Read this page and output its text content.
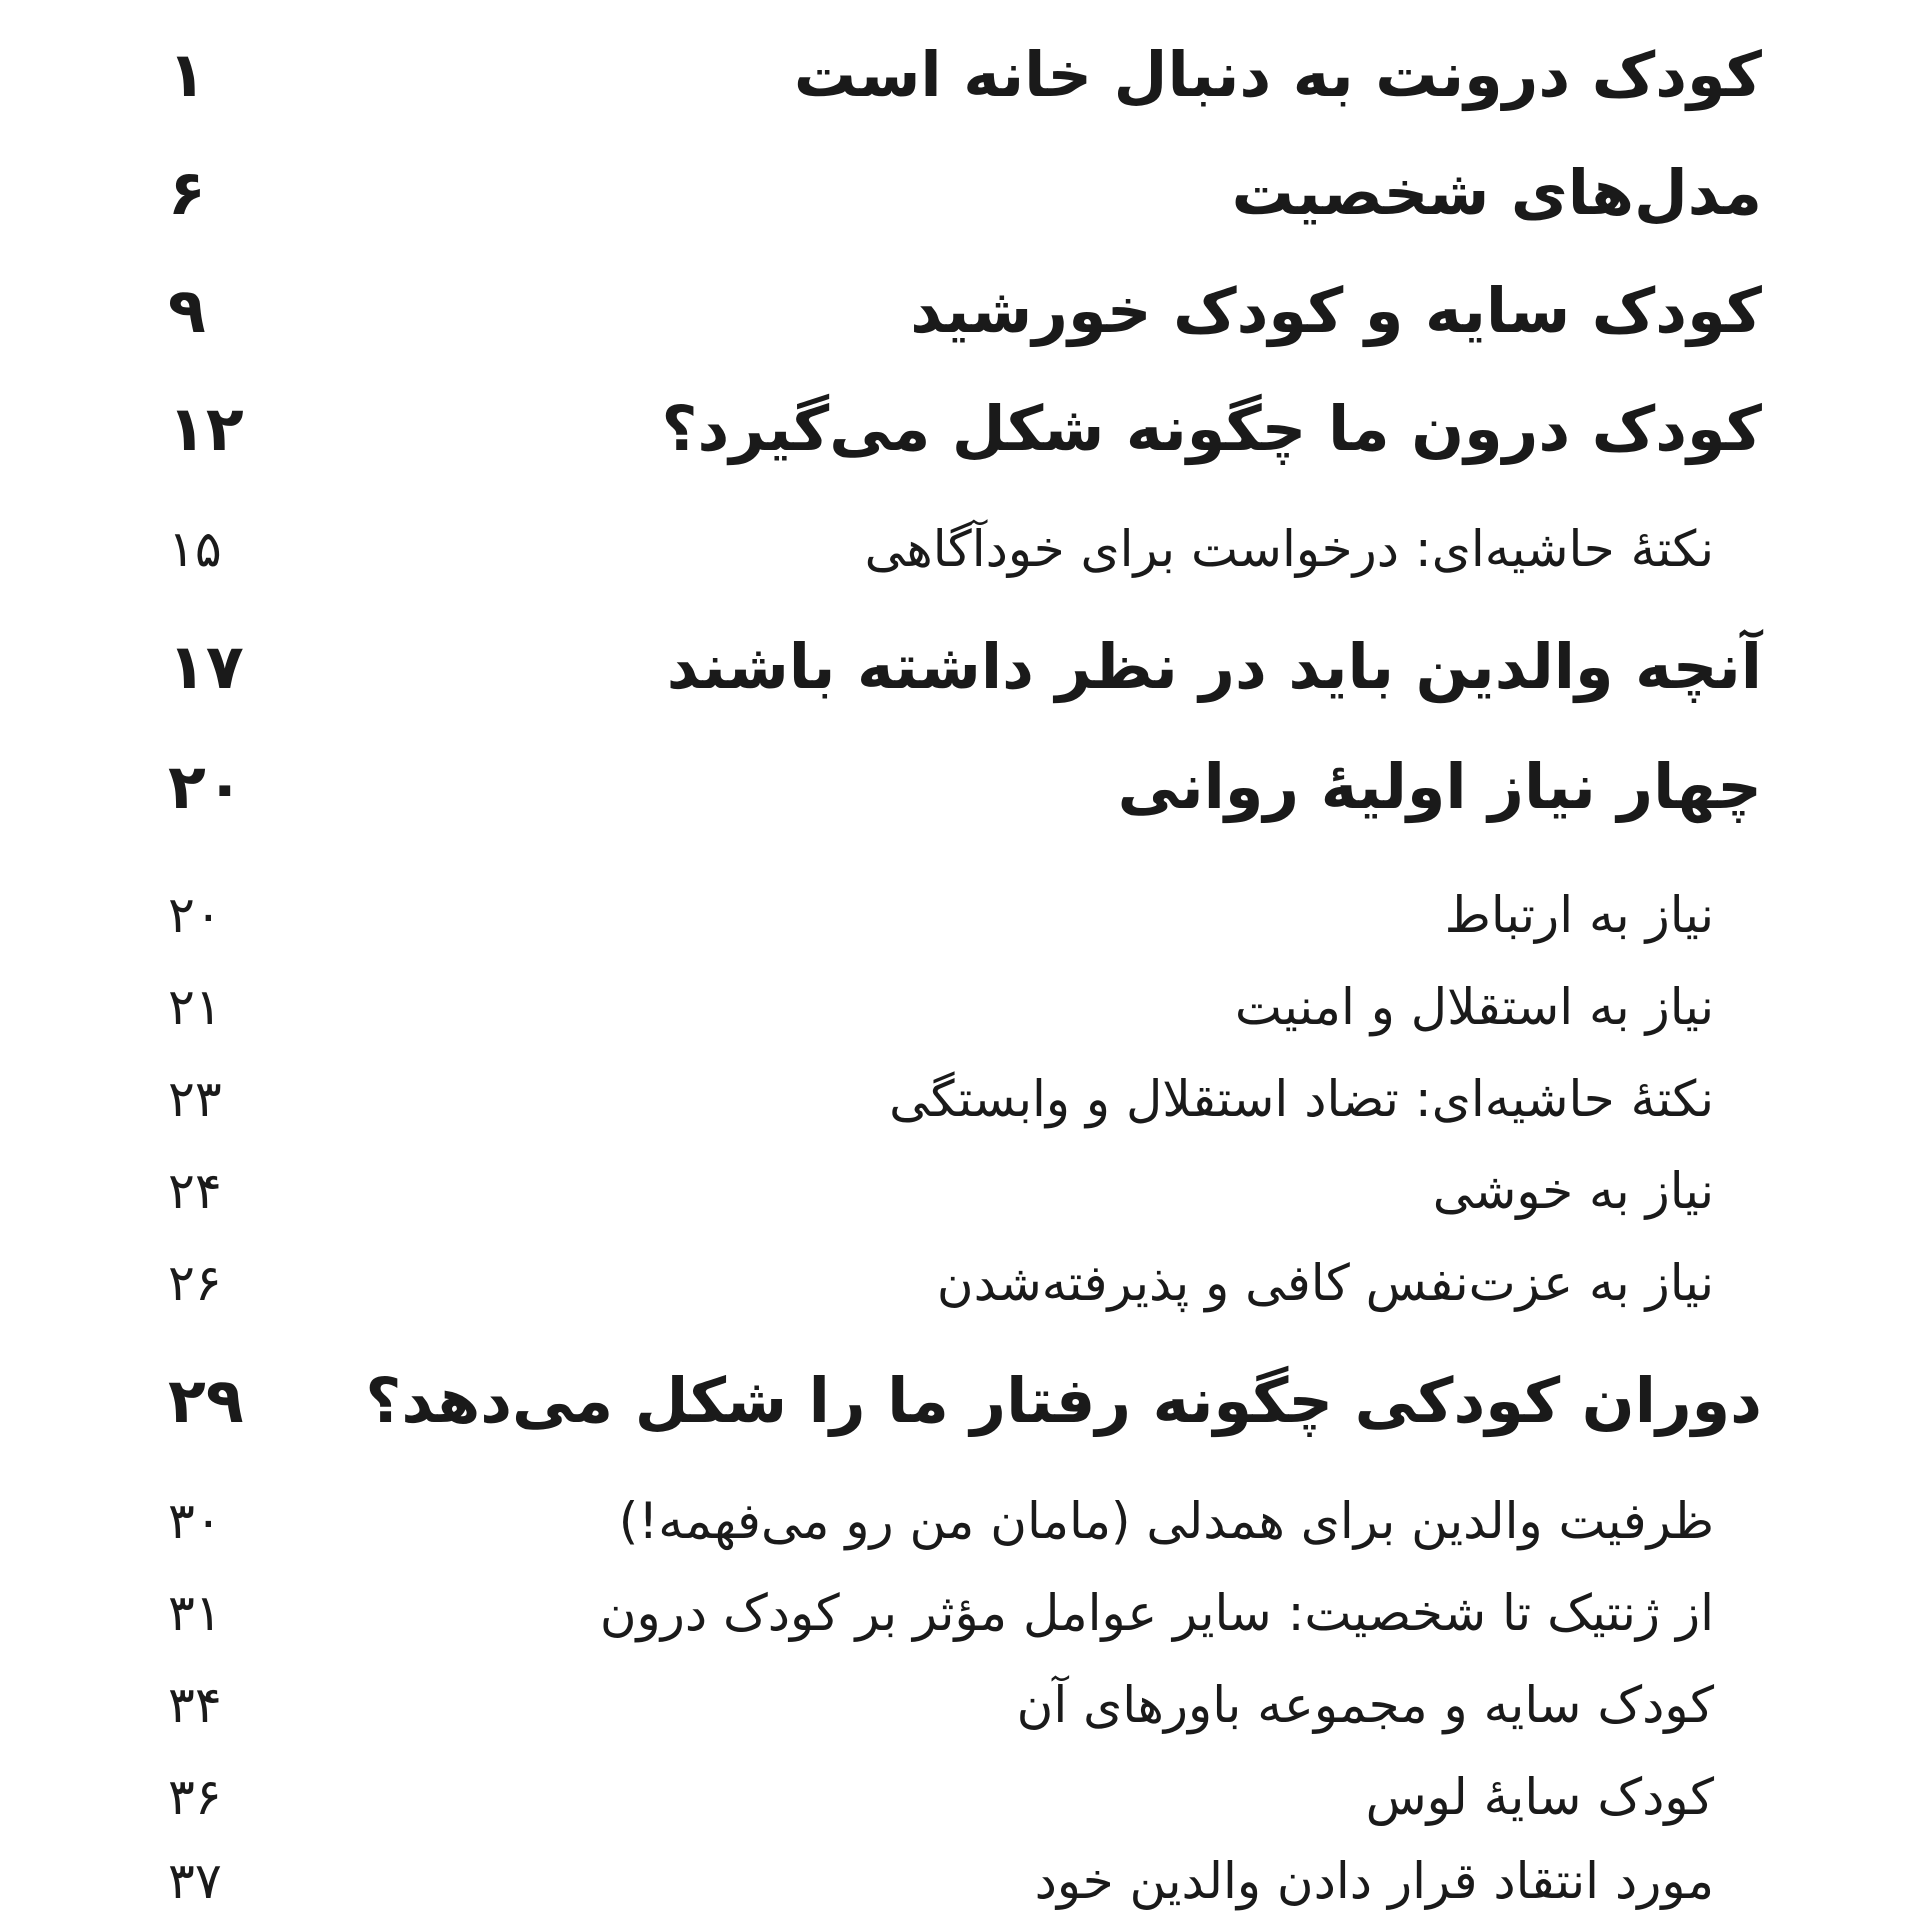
کودک درونت به دنبال خانه است
۱
مدل‌های شخصیت
۶
کودک سایه و کودک خورشید
۹
کودک درون ما چگونه شکل می‌گیرد؟
۱۲
نکتۀ حاشیه‌ای: درخواست برای خودآگاهی
۱۵
آنچه والدین باید در نظر داشته باشند
۱۷
چهار نیاز اولیۀ روانی
۲۰
نیاز به ارتباط
۲۰
نیاز به استقلال و امنیت
۲۱
نکتۀ حاشیه‌ای: تضاد استقلال و وابستگی
۲۳
نیاز به خوشی
۲۴
نیاز به عزت‌نفس کافی و پذیرفته‌شدن
۲۶
دوران کودکی چگونه رفتار ما را شکل می‌دهد؟
۲۹
ظرفیت والدین برای همدلی (مامان من رو می‌فهمه!)
۳۰
از ژنتیک تا شخصیت: سایر عوامل مؤثر بر کودک درون
۳۱
کودک سایه و مجموعه باورهای آن
۳۴
کودک سایۀ لوس
۳۶
مورد انتقاد قرار دادن والدین خود
۳۷
